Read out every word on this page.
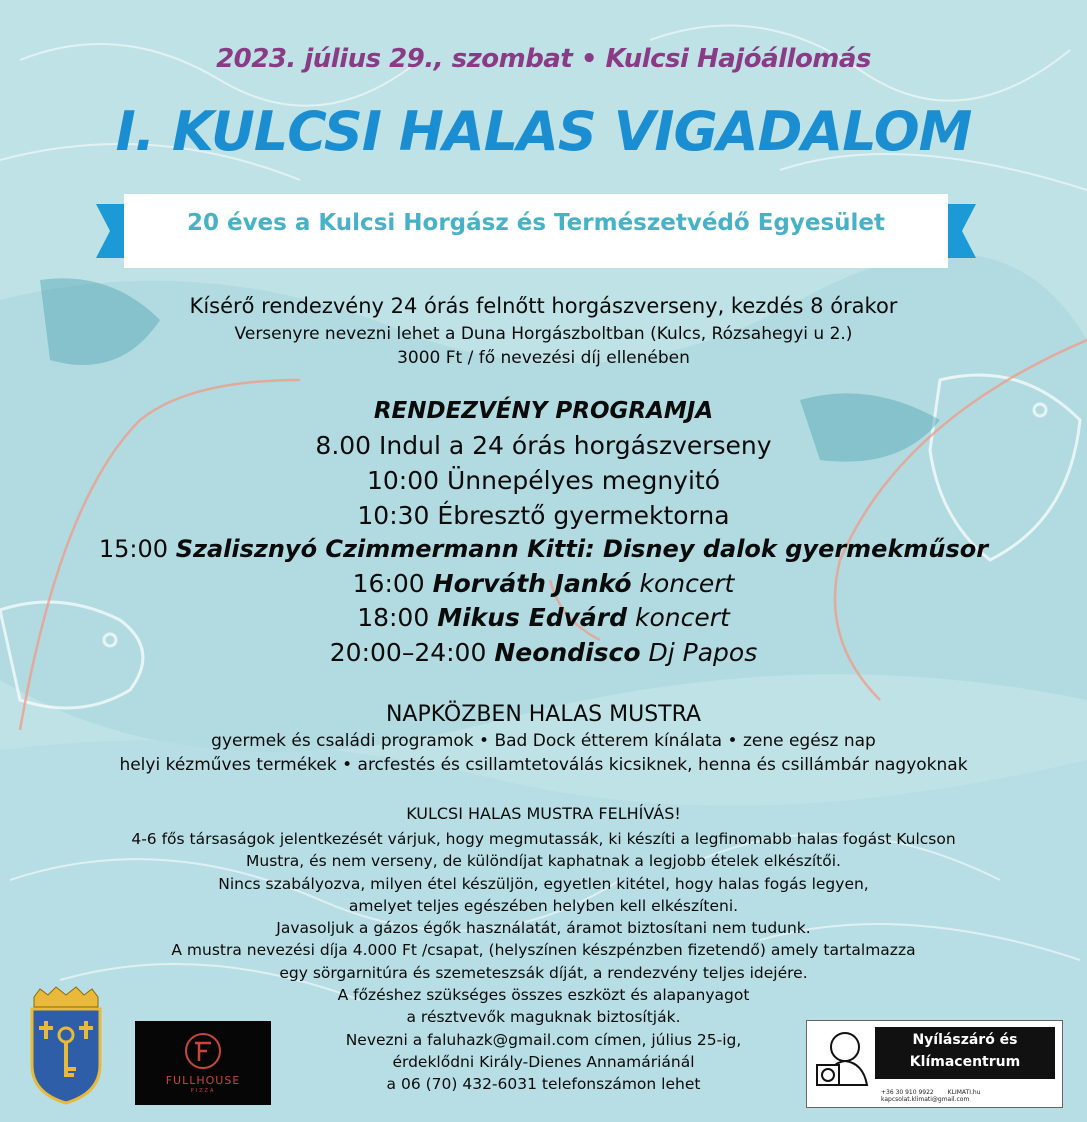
2023. július 29., szombat • Kulcsi Hajóállomás
I. KULCSI HALAS VIGADALOM
20 éves a Kulcsi Horgász és Természetvédő Egyesület
Kísérő rendezvény 24 órás felnőtt horgászverseny, kezdés 8 órakor
Versenyre nevezni lehet a Duna Horgászboltban (Kulcs, Rózsahegyi u 2.)
3000 Ft / fő nevezési díj ellenében
RENDEZVÉNY PROGRAMJA
8.00 Indul a 24 órás horgászverseny
10:00 Ünnepélyes megnyitó
10:30 Ébresztő gyermektorna
15:00 Szalisznyó Czimmermann Kitti: Disney dalok gyermekműsor
16:00 Horváth Jankó koncert
18:00 Mikus Edvárd koncert
20:00–24:00 Neondisco Dj Papos
NAPKÖZBEN HALAS MUSTRA
gyermek és családi programok • Bad Dock étterem kínálata • zene egész nap
helyi kézműves termékek • arcfestés és csillamtetoválás kicsiknek, henna és csillámbár nagyoknak
KULCSI HALAS MUSTRA FELHÍVÁS!
4-6 fős társaságok jelentkezését várjuk, hogy megmutassák, ki készíti a legfinomabb halas fogást Kulcson
Mustra, és nem verseny, de különdíjat kaphatnak a legjobb ételek elkészítői.
Nincs szabályozva, milyen étel készüljön, egyetlen kitétel, hogy halas fogás legyen,
amelyet teljes egészében helyben kell elkészíteni.
Javasoljuk a gázos égők használatát, áramot biztosítani nem tudunk.
A mustra nevezési díja 4.000 Ft /csapat, (helyszínen készpénzben fizetendő) amely tartalmazza
egy sörgarnitúra és szemeteszsák díját, a rendezvény teljes idejére.
A főzéshez szükséges összes eszközt és alapanyagot
a résztvevők maguknak biztosítják.
Nevezni a faluhazk@gmail.com címen, július 25-ig,
érdeklődni Király-Dienes Annamáriánál
a 06 (70) 432-6031 telefonszámon lehet
FULLHOUSE
PIZZA
Nyílászáró és
Klímacentrum
+36 30 910 9922 KLIMATI.hu kapcsolat.klimati@gmail.com
